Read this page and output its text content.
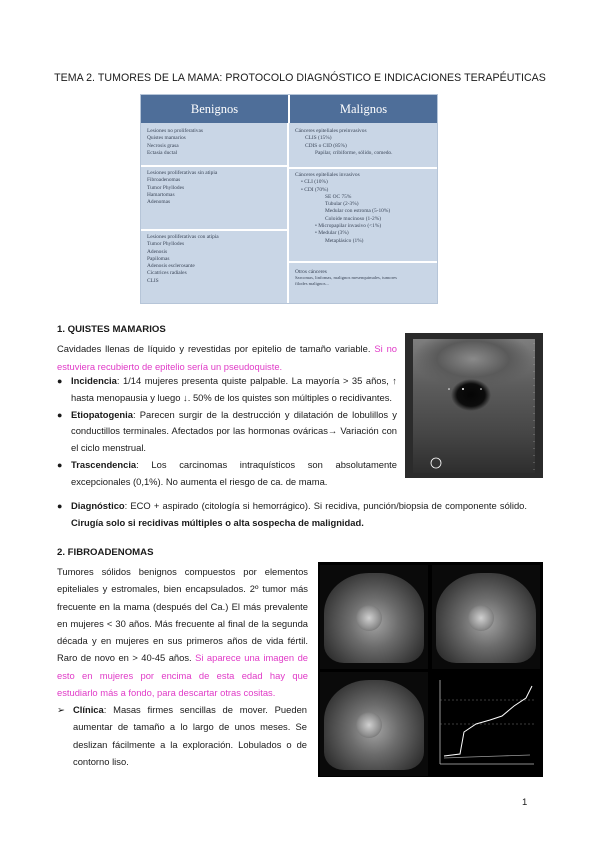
TEMA 2. TUMORES DE LA MAMA: PROTOCOLO DIAGNÓSTICO E INDICACIONES TERAPÉUTICAS
Benignos	Malignos
Lesiones no proliferativas
Quistes mamarios
Necrosis grasa
Ectasia ductal
Lesiones proliferativas sin atipia
Fibroadenomas
Tumor Phyllodes
Hamartomas
Adenomas
Lesiones proliferativas con atipia
Tumor Phyllodes
Adenosis
Papilomas
Adenosis esclerosante
Cicatrices radiales
CLIS
Cánceres epiteliales preinvasivos
CLIS (15%)
CDIS o CID (85%)
Papilar, cribiforme, sólido, comedo.
Cánceres epiteliales invasivos
• CLI (10%)
• CDI (70%)
SE OC 75%
Tubular (2-3%)
Medular con estroma (5-10%)
Coloide mucinoso (1-2%)
• Micropapilar invasivo (<1%)
• Medular (3%)
Metaplásico (1%)
Otros cánceres
Sarcomas, linfomas, malignos mesenquimales, tumores
filodes malignos...
1. QUISTES MAMARIOS
Cavidades llenas de líquido y revestidas por epitelio de tamaño variable. Si no estuviera recubierto de epitelio sería un pseudoquiste.
● Incidencia: 1/14 mujeres presenta quiste palpable. La mayoría > 35 años, ↑ hasta menopausia y luego ↓. 50% de los quistes son múltiples o recidivantes.
● Etiopatogenia: Parecen surgir de la destrucción y dilatación de lobulillos y conductillos terminales. Afectados por las hormonas ováricas→ Variación con el ciclo menstrual.
● Trascendencia: Los carcinomas intraquísticos son absolutamente excepcionales (0,1%). No aumenta el riesgo de ca. de mama.
● Diagnóstico: ECO + aspirado (citología si hemorrágico). Si recidiva, punción/biopsia de componente sólido. Cirugía solo si recidivas múltiples o alta sospecha de malignidad.
2. FIBROADENOMAS
Tumores sólidos benignos compuestos por elementos epiteliales y estromales, bien encapsulados. 2º tumor más frecuente en la mama (después del Ca.) El más prevalente en mujeres < 30 años. Más frecuente al final de la segunda década y en mujeres en sus primeros años de vida fértil. Raro de novo en > 40-45 años. Si aparece una imagen de esto en mujeres por encima de esta edad hay que estudiarlo más a fondo, para descartar otras cositas.
➢ Clínica: Masas firmes sencillas de mover. Pueden aumentar de tamaño a lo largo de unos meses. Se deslizan fácilmente a la exploración. Lobulados o de contorno liso.
1
